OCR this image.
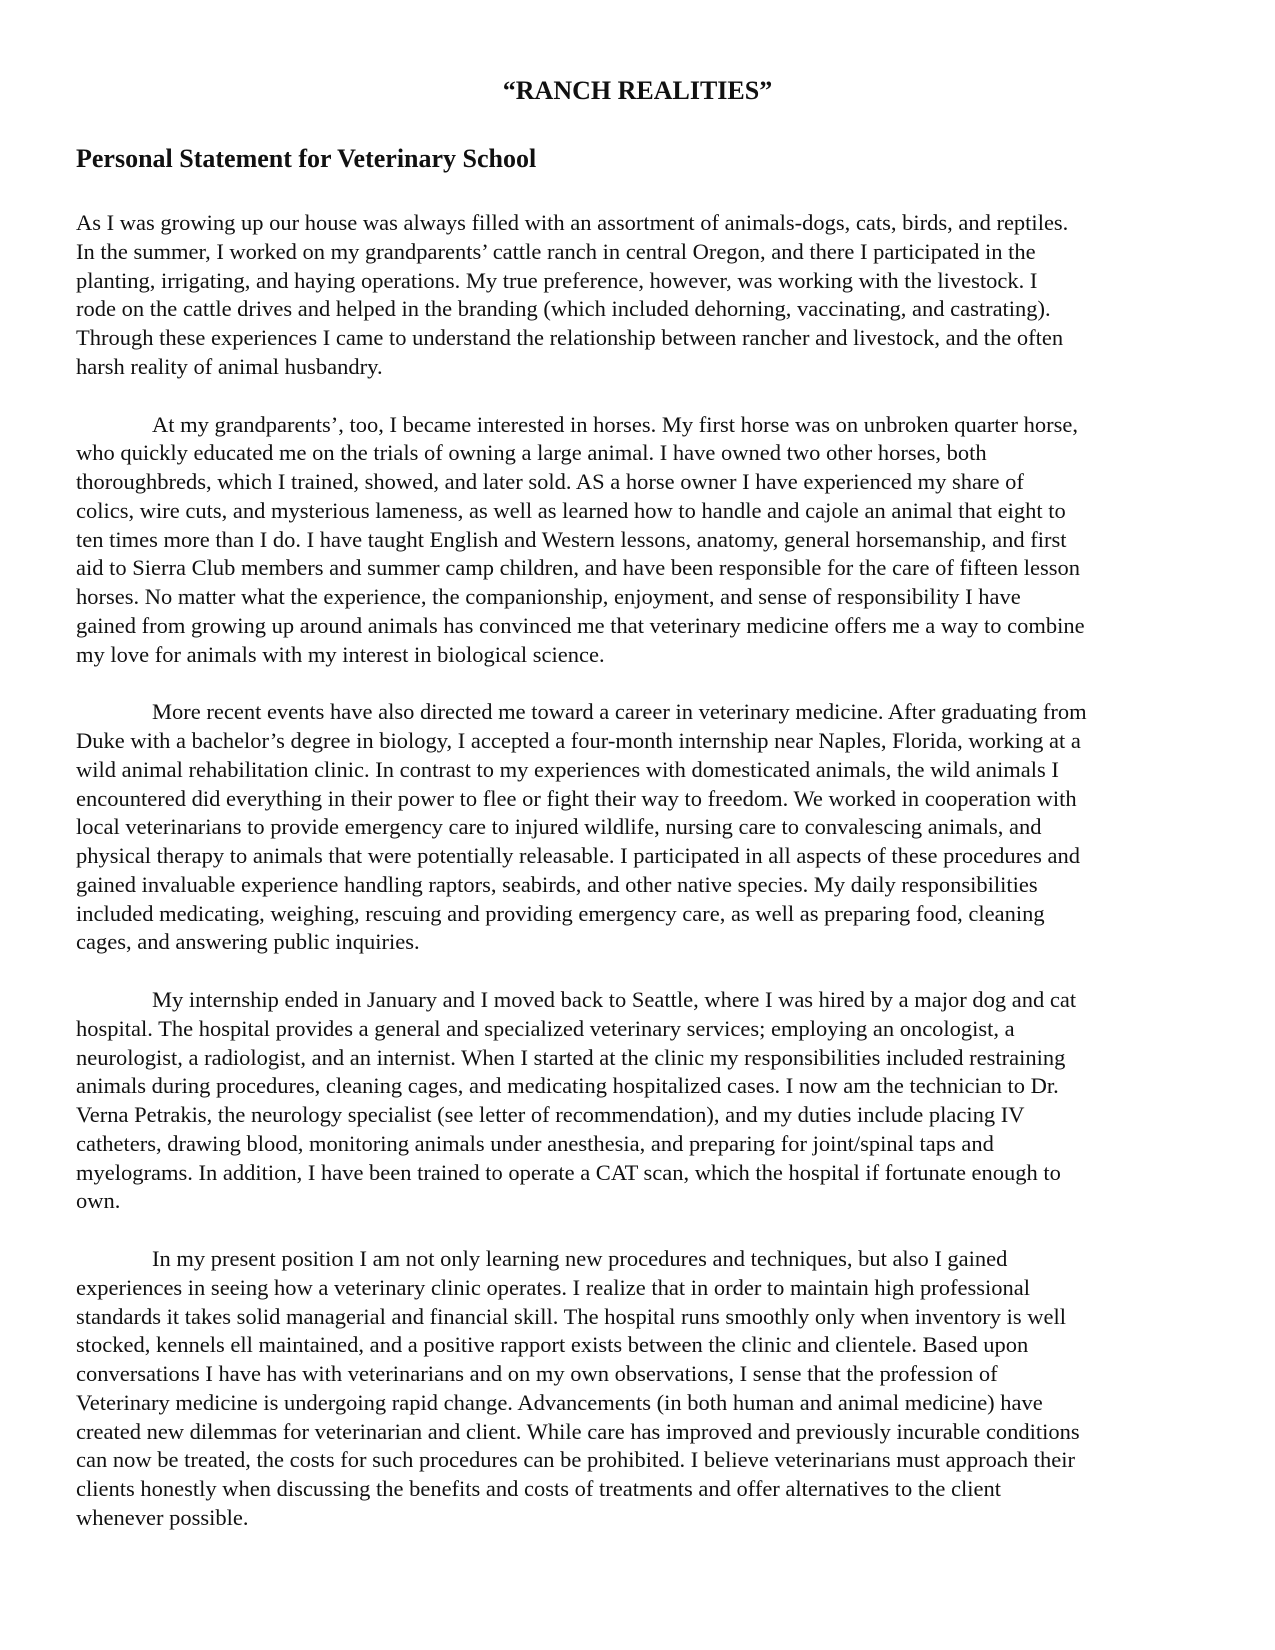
“RANCH REALITIES”
Personal Statement for Veterinary School

As I was growing up our house was always filled with an assortment of animals-dogs, cats, birds, and reptiles.
In the summer, I worked on my grandparents’ cattle ranch in central Oregon, and there I participated in the
planting, irrigating, and haying operations. My true preference, however, was working with the livestock. I
rode on the cattle drives and helped in the branding (which included dehorning, vaccinating, and castrating).
Through these experiences I came to understand the relationship between rancher and livestock, and the often
harsh reality of animal husbandry.

At my grandparents’, too, I became interested in horses. My first horse was on unbroken quarter horse,
who quickly educated me on the trials of owning a large animal. I have owned two other horses, both
thoroughbreds, which I trained, showed, and later sold. AS a horse owner I have experienced my share of
colics, wire cuts, and mysterious lameness, as well as learned how to handle and cajole an animal that eight to
ten times more than I do. I have taught English and Western lessons, anatomy, general horsemanship, and first
aid to Sierra Club members and summer camp children, and have been responsible for the care of fifteen lesson
horses. No matter what the experience, the companionship, enjoyment, and sense of responsibility I have
gained from growing up around animals has convinced me that veterinary medicine offers me a way to combine
my love for animals with my interest in biological science.

More recent events have also directed me toward a career in veterinary medicine. After graduating from
Duke with a bachelor’s degree in biology, I accepted a four-month internship near Naples, Florida, working at a
wild animal rehabilitation clinic. In contrast to my experiences with domesticated animals, the wild animals I
encountered did everything in their power to flee or fight their way to freedom. We worked in cooperation with
local veterinarians to provide emergency care to injured wildlife, nursing care to convalescing animals, and
physical therapy to animals that were potentially releasable. I participated in all aspects of these procedures and
gained invaluable experience handling raptors, seabirds, and other native species. My daily responsibilities
included medicating, weighing, rescuing and providing emergency care, as well as preparing food, cleaning
cages, and answering public inquiries.

My internship ended in January and I moved back to Seattle, where I was hired by a major dog and cat
hospital. The hospital provides a general and specialized veterinary services; employing an oncologist, a
neurologist, a radiologist, and an internist. When I started at the clinic my responsibilities included restraining
animals during procedures, cleaning cages, and medicating hospitalized cases. I now am the technician to Dr.
Verna Petrakis, the neurology specialist (see letter of recommendation), and my duties include placing IV
catheters, drawing blood, monitoring animals under anesthesia, and preparing for joint/spinal taps and
myelograms. In addition, I have been trained to operate a CAT scan, which the hospital if fortunate enough to
own.

In my present position I am not only learning new procedures and techniques, but also I gained
experiences in seeing how a veterinary clinic operates. I realize that in order to maintain high professional
standards it takes solid managerial and financial skill. The hospital runs smoothly only when inventory is well
stocked, kennels ell maintained, and a positive rapport exists between the clinic and clientele. Based upon
conversations I have has with veterinarians and on my own observations, I sense that the profession of
Veterinary medicine is undergoing rapid change. Advancements (in both human and animal medicine) have
created new dilemmas for veterinarian and client. While care has improved and previously incurable conditions
can now be treated, the costs for such procedures can be prohibited. I believe veterinarians must approach their
clients honestly when discussing the benefits and costs of treatments and offer alternatives to the client
whenever possible.
